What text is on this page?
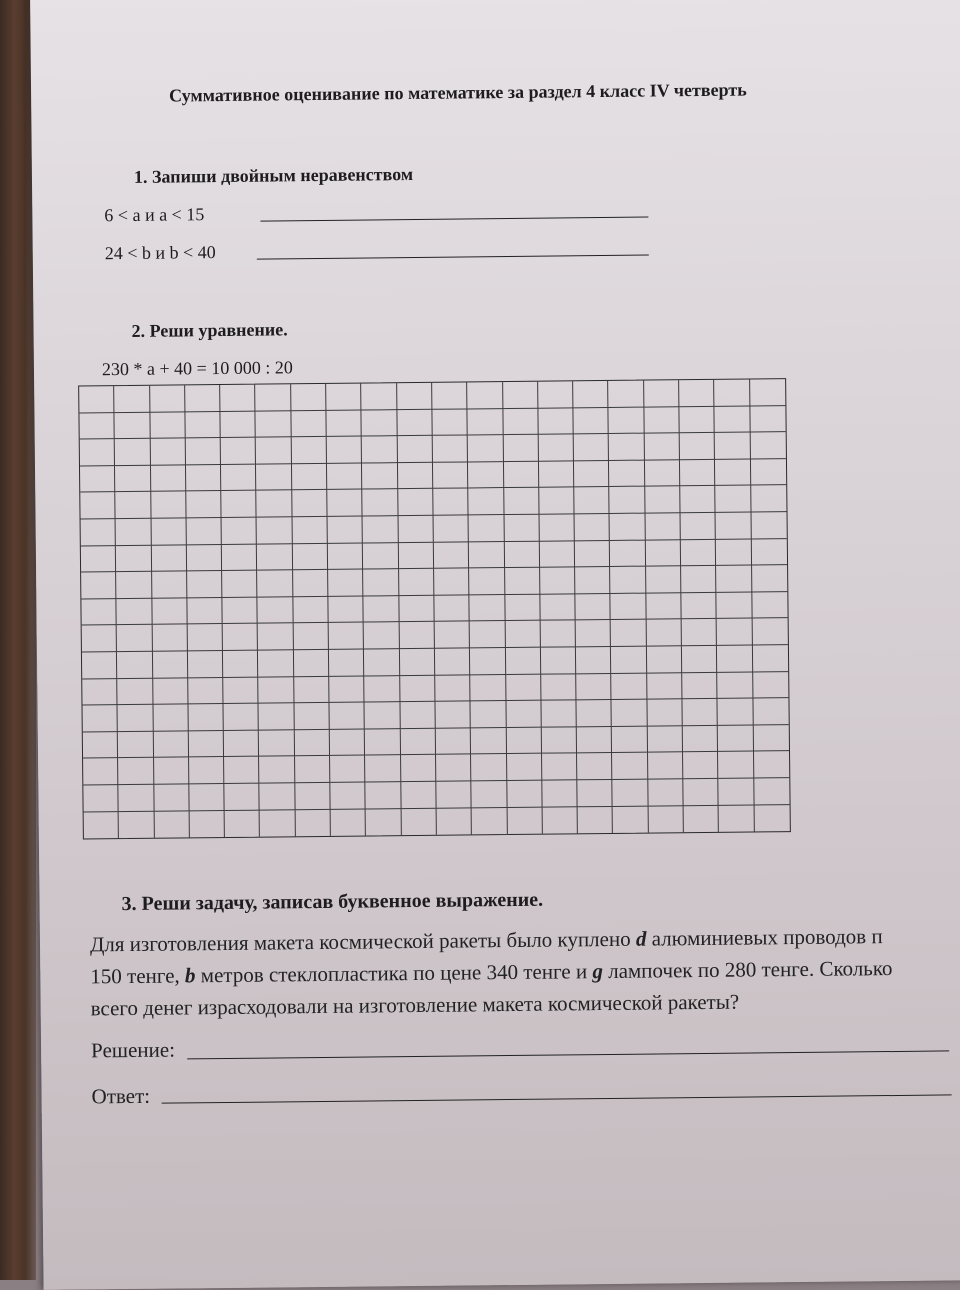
Суммативное оценивание по математике за раздел 4 класс IV четверть
1. Запиши двойным неравенством
6 < а и а < 15
24 < b и b < 40
2. Реши уравнение.
230 * а + 40 = 10 000 : 20
3. Реши задачу, записав буквенное выражение.
Для изготовления макета космической ракеты было куплено d алюминиевых проводов п
150 тенге, b метров стеклопластика по цене 340 тенге и g лампочек по 280 тенге. Сколько
всего денег израсходовали на изготовление макета космической ракеты?
Решение:
Ответ:
